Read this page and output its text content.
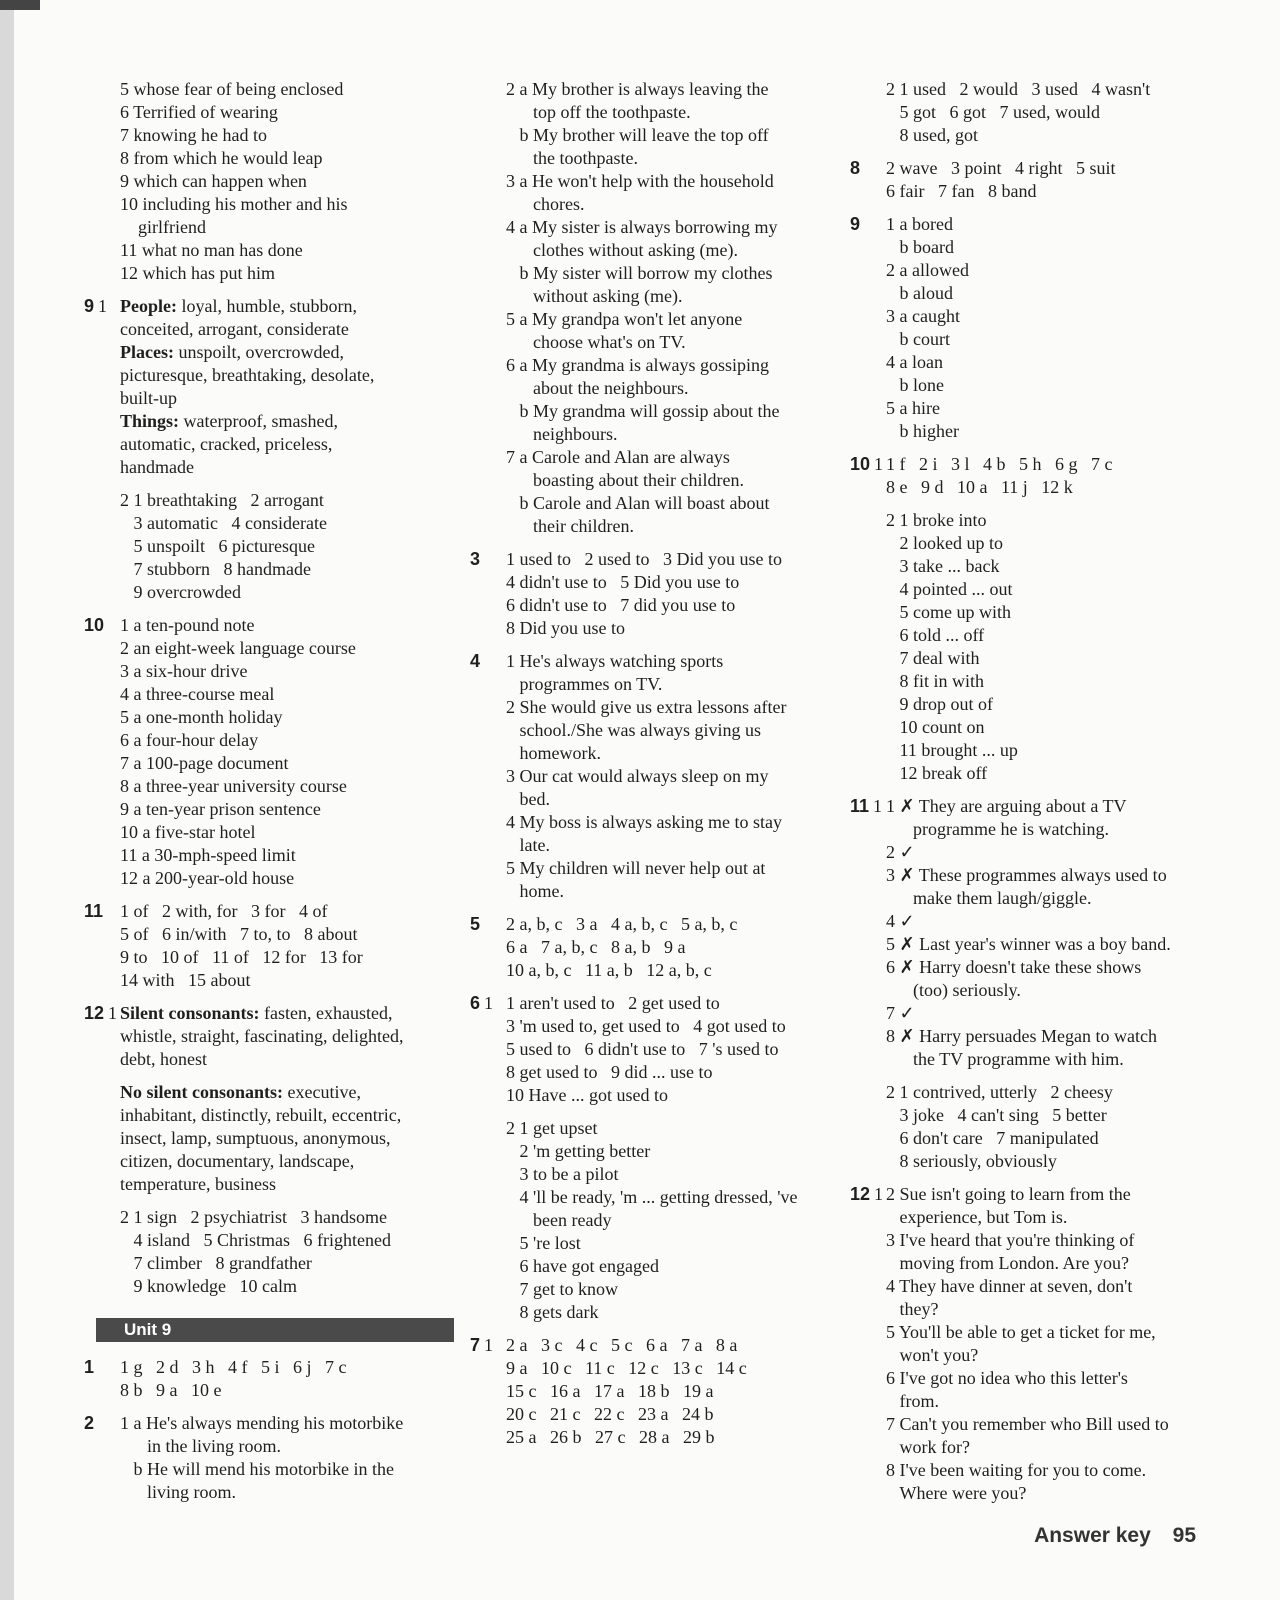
5 whose fear of being enclosed
6 Terrified of wearing
7 knowing he had to
8 from which he would leap
9 which can happen when
10 including his mother and his
girlfriend
11 what no man has done
12 which has put him
9 1 People: loyal, humble, stubborn,
conceited, arrogant, considerate
Places: unspoilt, overcrowded,
picturesque, breathtaking, desolate,
built-up
Things: waterproof, smashed,
automatic, cracked, priceless,
handmade
2 1 breathtaking   2 arrogant
3 automatic   4 considerate
5 unspoilt   6 picturesque
7 stubborn   8 handmade
9 overcrowded
10 1 a ten-pound note
2 an eight-week language course
3 a six-hour drive
4 a three-course meal
5 a one-month holiday
6 a four-hour delay
7 a 100-page document
8 a three-year university course
9 a ten-year prison sentence
10 a five-star hotel
11 a 30-mph-speed limit
12 a 200-year-old house
11 1 of   2 with, for   3 for   4 of
5 of   6 in/with   7 to, to   8 about
9 to   10 of   11 of   12 for   13 for
14 with   15 about
12 1 Silent consonants: fasten, exhausted,
whistle, straight, fascinating, delighted,
debt, honest
No silent consonants: executive,
inhabitant, distinctly, rebuilt, eccentric,
insect, lamp, sumptuous, anonymous,
citizen, documentary, landscape,
temperature, business
2 1 sign   2 psychiatrist   3 handsome
4 island   5 Christmas   6 frightened
7 climber   8 grandfather
9 knowledge   10 calm
Unit 9
1	1 g   2 d   3 h   4 f   5 i   6 j   7 c
8 b   9 a   10 e
2	1 a He's always mending his motorbike
in the living room.
b He will mend his motorbike in the
living room.
2 a My brother is always leaving the
top off the toothpaste.
b My brother will leave the top off
the toothpaste.
3 a He won't help with the household
chores.
4 a My sister is always borrowing my
clothes without asking (me).
b My sister will borrow my clothes
without asking (me).
5 a My grandpa won't let anyone
choose what's on TV.
6 a My grandma is always gossiping
about the neighbours.
b My grandma will gossip about the
neighbours.
7 a Carole and Alan are always
boasting about their children.
b Carole and Alan will boast about
their children.
3	1 used to   2 used to   3 Did you use to
4 didn't use to   5 Did you use to
6 didn't use to   7 did you use to
8 Did you use to
4	1 He's always watching sports
programmes on TV.
2 She would give us extra lessons after
school./She was always giving us
homework.
3 Our cat would always sleep on my
bed.
4 My boss is always asking me to stay
late.
5 My children will never help out at
home.
5	2 a, b, c   3 a   4 a, b, c   5 a, b, c
6 a   7 a, b, c   8 a, b   9 a
10 a, b, c   11 a, b   12 a, b, c
6 1 1 aren't used to   2 get used to
3 'm used to, get used to   4 got used to
5 used to   6 didn't use to   7 's used to
8 get used to   9 did ... use to
10 Have ... got used to
2 1 get upset
2 'm getting better
3 to be a pilot
4 'll be ready, 'm ... getting dressed, 've
been ready
5 're lost
6 have got engaged
7 get to know
8 gets dark
7 1 2 a   3 c   4 c   5 c   6 a   7 a   8 a
9 a   10 c   11 c   12 c   13 c   14 c
15 c   16 a   17 a   18 b   19 a
20 c   21 c   22 c   23 a   24 b
25 a   26 b   27 c   28 a   29 b
2 1 used   2 would   3 used   4 wasn't
5 got   6 got   7 used, would
8 used, got
8	2 wave   3 point   4 right   5 suit
6 fair   7 fan   8 band
9	1 a bored
b board
2 a allowed
b aloud
3 a caught
b court
4 a loan
b lone
5 a hire
b higher
10 1 1 f   2 i   3 l   4 b   5 h   6 g   7 c
8 e   9 d   10 a   11 j   12 k
2 1 broke into
2 looked up to
3 take ... back
4 pointed ... out
5 come up with
6 told ... off
7 deal with
8 fit in with
9 drop out of
10 count on
11 brought ... up
12 break off
11 1 1 ✗ They are arguing about a TV
programme he is watching.
2 ✓
3 ✗ These programmes always used to
make them laugh/giggle.
4 ✓
5 ✗ Last year's winner was a boy band.
6 ✗ Harry doesn't take these shows
(too) seriously.
7 ✓
8 ✗ Harry persuades Megan to watch
the TV programme with him.
2 1 contrived, utterly   2 cheesy
3 joke   4 can't sing   5 better
6 don't care   7 manipulated
8 seriously, obviously
12 1 2 Sue isn't going to learn from the
experience, but Tom is.
3 I've heard that you're thinking of
moving from London. Are you?
4 They have dinner at seven, don't
they?
5 You'll be able to get a ticket for me,
won't you?
6 I've got no idea who this letter's
from.
7 Can't you remember who Bill used to
work for?
8 I've been waiting for you to come.
Where were you?
Answer key 95
